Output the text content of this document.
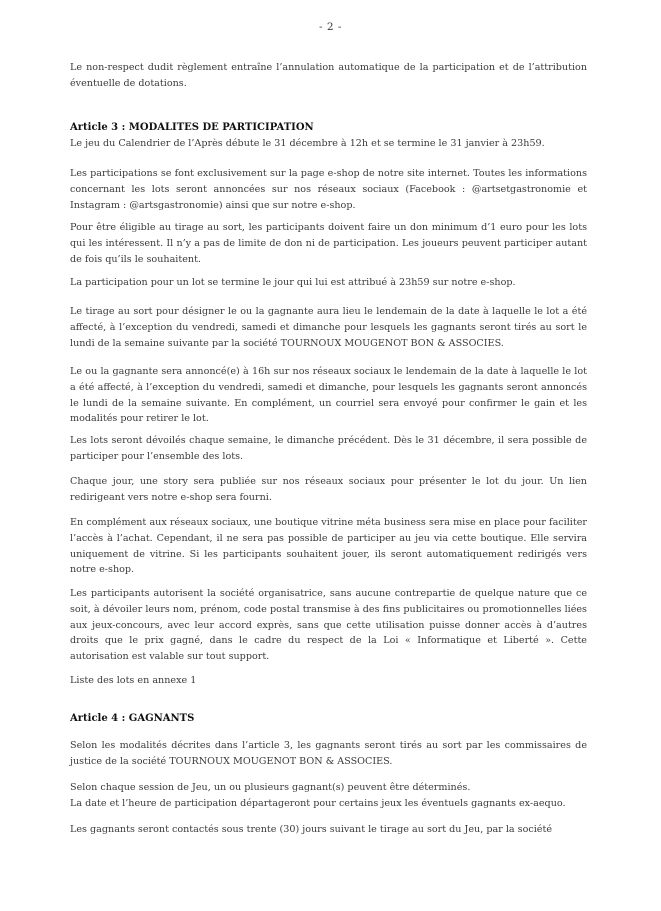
- 2 -

Le non-respect dudit règlement entraîne l’annulation automatique de la participation et de l’attribution éventuelle de dotations.

Article 3 : MODALITES DE PARTICIPATION

Le jeu du Calendrier de l’Après débute le 31 décembre à 12h et se termine le 31 janvier à 23h59.

Les participations se font exclusivement sur la page e-shop de notre site internet. Toutes les informations concernant les lots seront annoncées sur nos réseaux sociaux (Facebook : @artsetgastronomie et Instagram : @artsgastronomie) ainsi que sur notre e-shop.

Pour être éligible au tirage au sort, les participants doivent faire un don minimum d’1 euro pour les lots qui les intéressent. Il n’y a pas de limite de don ni de participation. Les joueurs peuvent participer autant de fois qu’ils le souhaitent.

La participation pour un lot se termine le jour qui lui est attribué à 23h59 sur notre e-shop.

Le tirage au sort pour désigner le ou la gagnante aura lieu le lendemain de la date à laquelle le lot a été affecté, à l’exception du vendredi, samedi et dimanche pour lesquels les gagnants seront tirés au sort le lundi de la semaine suivante par la société TOURNOUX MOUGENOT BON & ASSOCIES.

Le ou la gagnante sera annoncé(e) à 16h sur nos réseaux sociaux le lendemain de la date à laquelle le lot a été affecté, à l’exception du vendredi, samedi et dimanche, pour lesquels les gagnants seront annoncés le lundi de la semaine suivante. En complément, un courriel sera envoyé pour confirmer le gain et les modalités pour retirer le lot.

Les lots seront dévoilés chaque semaine, le dimanche précédent. Dès le 31 décembre, il sera possible de participer pour l’ensemble des lots.

Chaque jour, une story sera publiée sur nos réseaux sociaux pour présenter le lot du jour. Un lien redirigeant vers notre e-shop sera fourni.

En complément aux réseaux sociaux, une boutique vitrine méta business sera mise en place pour faciliter l’accès à l’achat. Cependant, il ne sera pas possible de participer au jeu via cette boutique. Elle servira uniquement de vitrine. Si les participants souhaitent jouer, ils seront automatiquement redirigés vers notre e-shop.

Les participants autorisent la société organisatrice, sans aucune contrepartie de quelque nature que ce soit, à dévoiler leurs nom, prénom, code postal transmise à des fins publicitaires ou promotionnelles liées aux jeux-concours, avec leur accord exprès, sans que cette utilisation puisse donner accès à d’autres droits que le prix gagné, dans le cadre du respect de la Loi « Informatique et Liberté ». Cette autorisation est valable sur tout support.

Liste des lots en annexe 1

Article 4 : GAGNANTS

Selon les modalités décrites dans l’article 3, les gagnants seront tirés au sort par les commissaires de justice de la société TOURNOUX MOUGENOT BON & ASSOCIES.

Selon chaque session de Jeu, un ou plusieurs gagnant(s) peuvent être déterminés.

La date et l’heure de participation départageront pour certains jeux les éventuels gagnants ex-aequo.

Les gagnants seront contactés sous trente (30) jours suivant le tirage au sort du Jeu, par la société
